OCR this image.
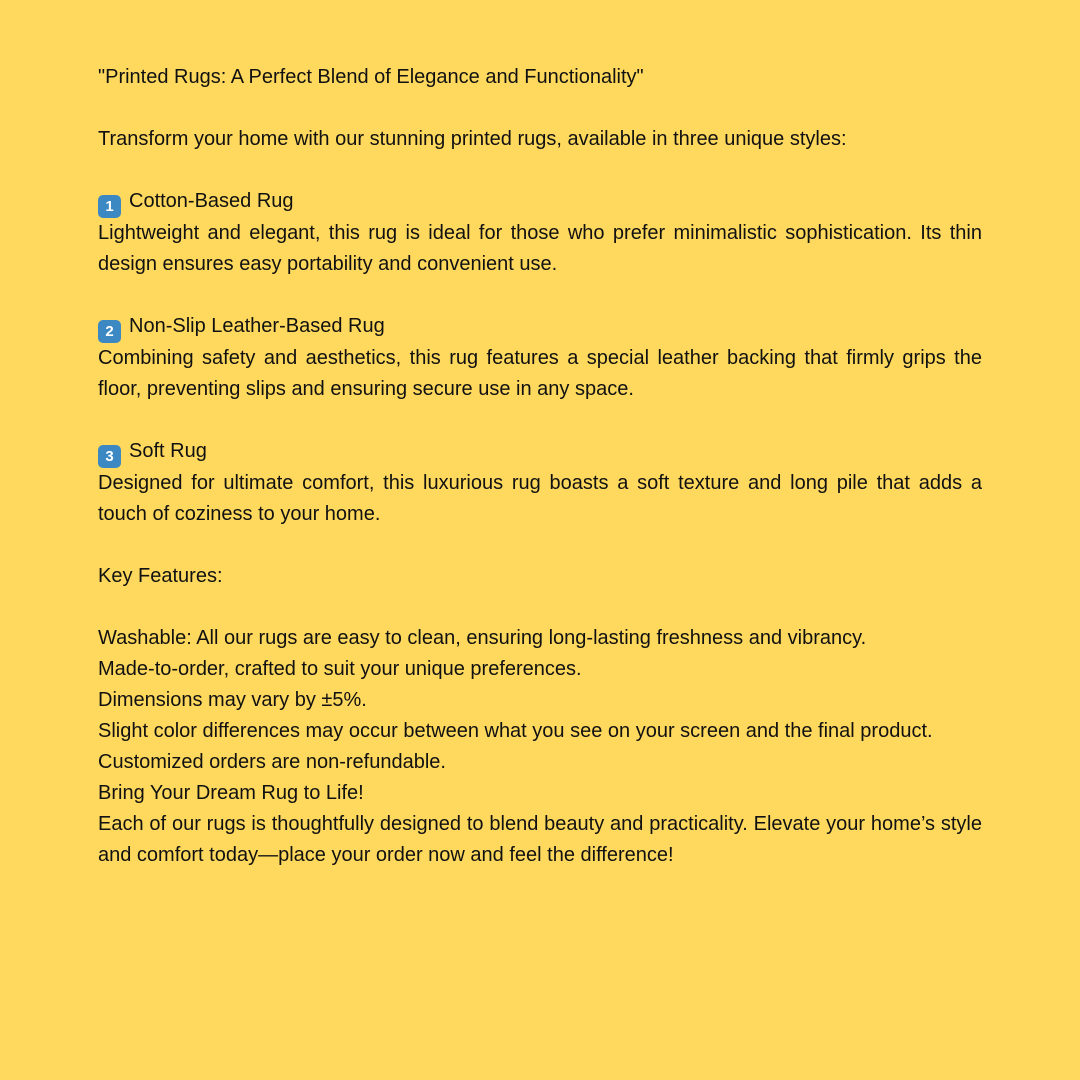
"Printed Rugs: A Perfect Blend of Elegance and Functionality"

Transform your home with our stunning printed rugs, available in three unique styles:

1 Cotton-Based Rug

Lightweight and elegant, this rug is ideal for those who prefer minimalistic sophistication. Its thin design ensures easy portability and convenient use.

2 Non-Slip Leather-Based Rug

Combining safety and aesthetics, this rug features a special leather backing that firmly grips the floor, preventing slips and ensuring secure use in any space.

3 Soft Rug

Designed for ultimate comfort, this luxurious rug boasts a soft texture and long pile that adds a touch of coziness to your home.

Key Features:

Washable: All our rugs are easy to clean, ensuring long-lasting freshness and vibrancy.

Made-to-order, crafted to suit your unique preferences.

Dimensions may vary by ±5%.

Slight color differences may occur between what you see on your screen and the final product.

Customized orders are non-refundable.

Bring Your Dream Rug to Life!

Each of our rugs is thoughtfully designed to blend beauty and practicality. Elevate your home’s style and comfort today—place your order now and feel the difference!
